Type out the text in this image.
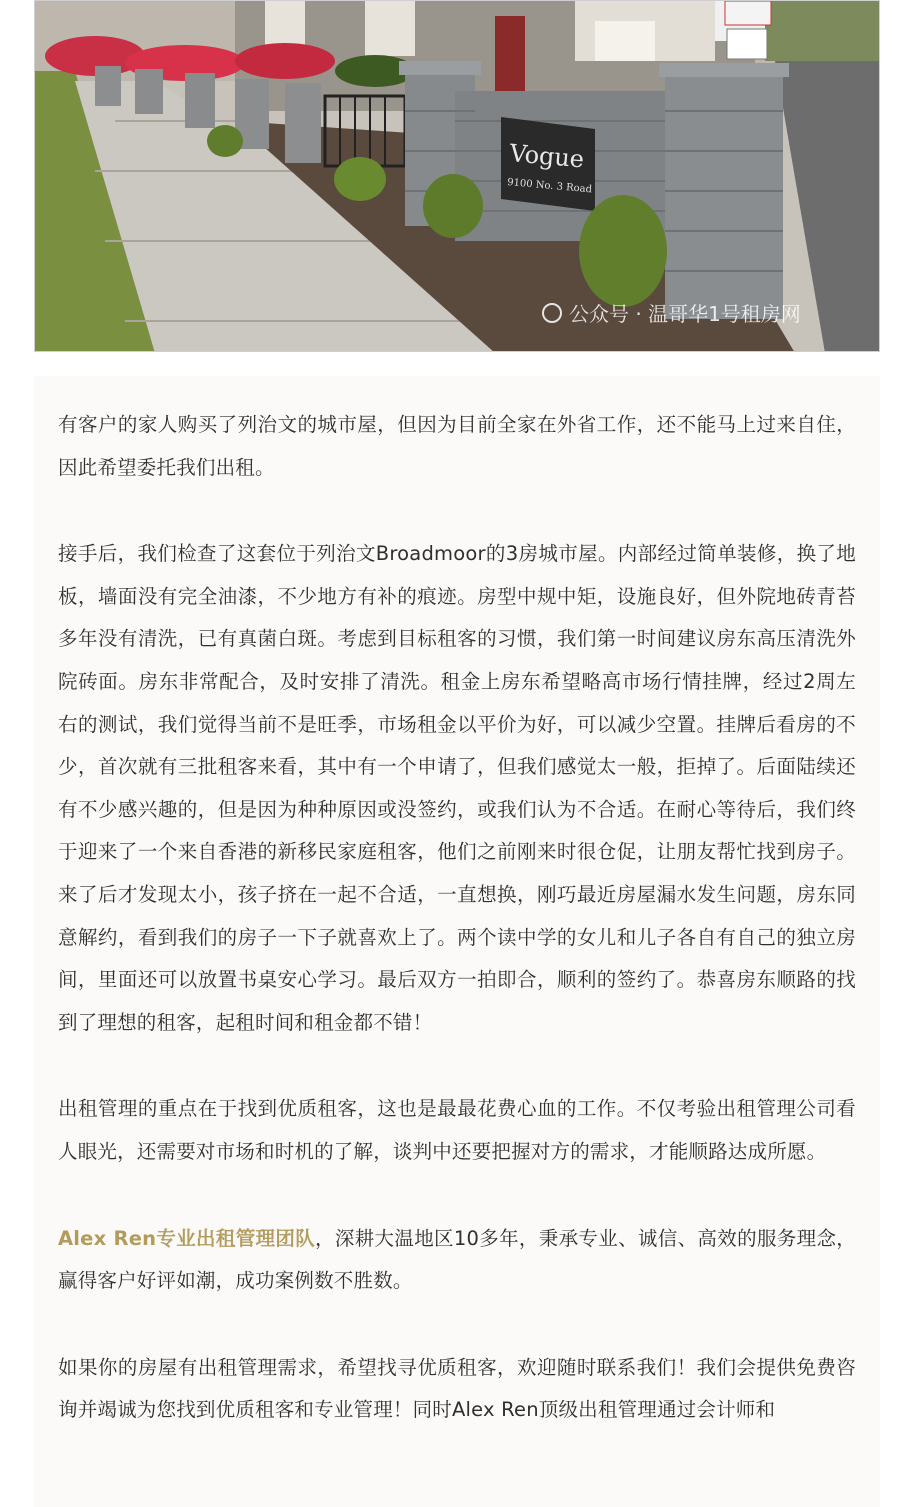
Vogue
9100 No. 3 Road
公众号 · 温哥华1号租房网

有客户的家人购买了列治文的城市屋，但因为目前全家在外省工作，还不能马上过来自住，因此希望委托我们出租。

接手后，我们检查了这套位于列治文Broadmoor的3房城市屋。内部经过简单装修，换了地板，墙面没有完全油漆，不少地方有补的痕迹。房型中规中矩，设施良好，但外院地砖青苔多年没有清洗，已有真菌白斑。考虑到目标租客的习惯，我们第一时间建议房东高压清洗外院砖面。房东非常配合，及时安排了清洗。租金上房东希望略高市场行情挂牌，经过2周左右的测试，我们觉得当前不是旺季，市场租金以平价为好，可以减少空置。挂牌后看房的不少，首次就有三批租客来看，其中有一个申请了，但我们感觉太一般，拒掉了。后面陆续还有不少感兴趣的，但是因为种种原因或没签约，或我们认为不合适。在耐心等待后，我们终于迎来了一个来自香港的新移民家庭租客，他们之前刚来时很仓促，让朋友帮忙找到房子。来了后才发现太小，孩子挤在一起不合适，一直想换，刚巧最近房屋漏水发生问题，房东同意解约，看到我们的房子一下子就喜欢上了。两个读中学的女儿和儿子各自有自己的独立房间，里面还可以放置书桌安心学习。最后双方一拍即合，顺利的签约了。恭喜房东顺路的找到了理想的租客，起租时间和租金都不错！

出租管理的重点在于找到优质租客，这也是最最花费心血的工作。不仅考验出租管理公司看人眼光，还需要对市场和时机的了解，谈判中还要把握对方的需求，才能顺路达成所愿。

Alex Ren专业出租管理团队，深耕大温地区10多年，秉承专业、诚信、高效的服务理念，赢得客户好评如潮，成功案例数不胜数。

如果你的房屋有出租管理需求，希望找寻优质租客，欢迎随时联系我们！我们会提供免费咨询并竭诚为您找到优质租客和专业管理！同时Alex Ren顶级出租管理通过会计师和
